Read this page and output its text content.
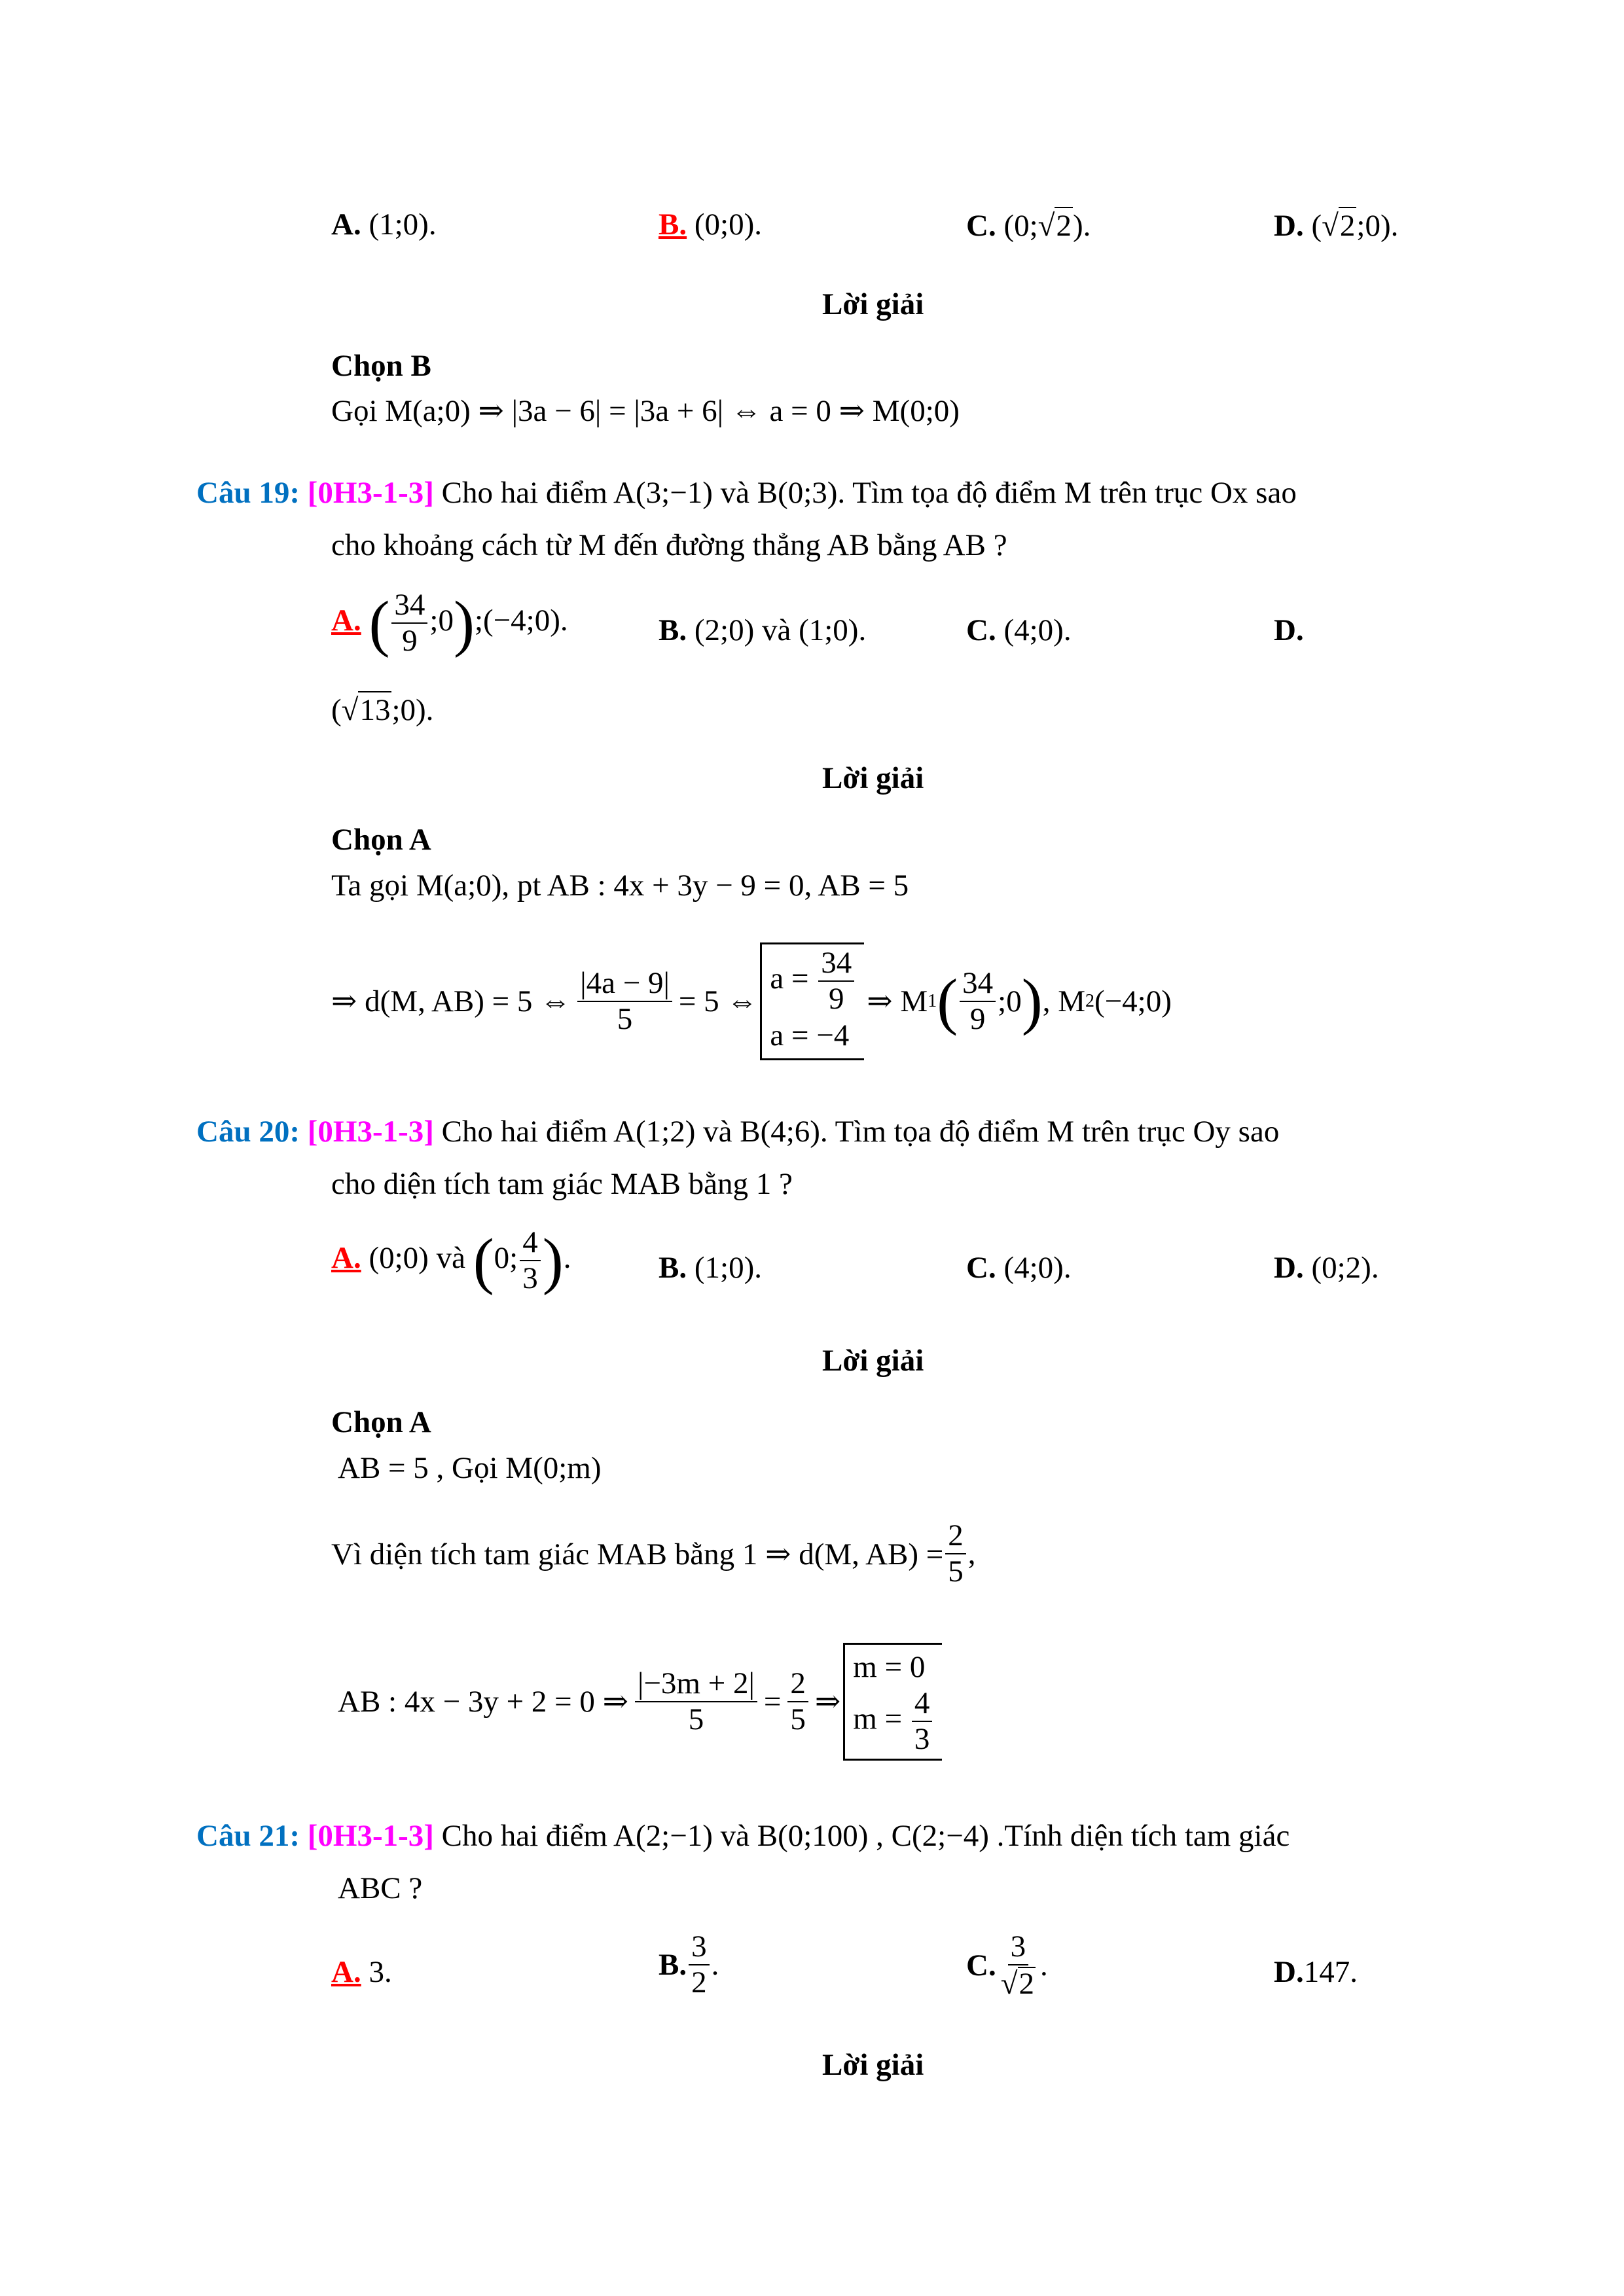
A. (1;0).	B. (0;0).	C. (0;√2).	D. (√2;0).
Lời giải
Chọn B
Gọi M(a;0) ⇒ |3a − 6| = |3a + 6| ⇔ a = 0 ⇒ M(0;0)
Câu 19: [0H3-1-3] Cho hai điểm A(3;−1) và B(0;3). Tìm tọa độ điểm M trên trục Ox sao
cho khoảng cách từ M đến đường thẳng AB bằng AB ?
A. ( $\frac{34}{9}$ ;0);(−4;0).	B. (2;0) và (1;0).	C. (4;0).	D.
(√13;0).
Lời giải
Chọn A
Ta gọi M(a;0), pt AB : 4x + 3y − 9 = 0, AB = 5
⇒ d(M, AB) = 5 ⇔ $\frac{|4a - 9|}{5} = 5$ ⇔
$a = \frac{34}{9}$
a = −4
⇒ M 1 ( $\frac{34}{9}$ ;0 ) , M 2 (−4;0)
Câu 20: [0H3-1-3] Cho hai điểm A(1;2) và B(4;6). Tìm tọa độ điểm M trên trục Oy sao
cho diện tích tam giác MAB bằng 1 ?
A. (0;0) và (0; $\frac{4}{3}$ ).	B. (1;0).	C. (4;0).	D. (0;2).
Lời giải
Chọn A
AB = 5 , Gọi M(0;m)
Vì diện tích tam giác MAB bằng 1 ⇒ d(M, $AB) = \frac{2}{5}$ ,
AB : 4x − 3y + 2 = 0 ⇒ $\frac{|-3m + 2|}{5} = \frac{2}{5}$ ⇒
m = 0
$m = \frac{4}{3}$
Câu 21: [0H3-1-3] Cho hai điểm A(2;−1) và B(0;100) , C(2;−4) .Tính diện tích tam giác
ABC ?
A. 3.	B. $\frac{3}{2}$ .	C. $\frac{3}{√2}$ .	D.147.
Lời giải
